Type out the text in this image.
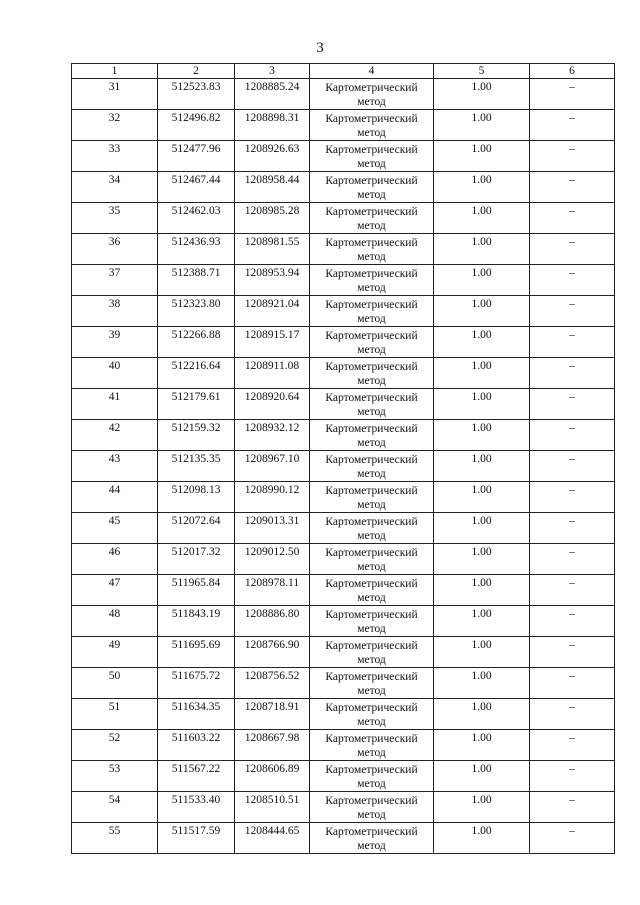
3
1	2	3	4	5	6

31	512523.83	1208885.24	Картометрический метод	1.00	–

32	512496.82	1208898.31	Картометрический метод	1.00	–

33	512477.96	1208926.63	Картометрический метод	1.00	–

34	512467.44	1208958.44	Картометрический метод	1.00	–

35	512462.03	1208985.28	Картометрический метод	1.00	–

36	512436.93	1208981.55	Картометрический метод	1.00	–

37	512388.71	1208953.94	Картометрический метод	1.00	–

38	512323.80	1208921.04	Картометрический метод	1.00	–

39	512266.88	1208915.17	Картометрический метод	1.00	–

40	512216.64	1208911.08	Картометрический метод	1.00	–

41	512179.61	1208920.64	Картометрический метод	1.00	–

42	512159.32	1208932.12	Картометрический метод	1.00	–

43	512135.35	1208967.10	Картометрический метод	1.00	–

44	512098.13	1208990.12	Картометрический метод	1.00	–

45	512072.64	1209013.31	Картометрический метод	1.00	–

46	512017.32	1209012.50	Картометрический метод	1.00	–

47	511965.84	1208978.11	Картометрический метод	1.00	–

48	511843.19	1208886.80	Картометрический метод	1.00	–

49	511695.69	1208766.90	Картометрический метод	1.00	–

50	511675.72	1208756.52	Картометрический метод	1.00	–

51	511634.35	1208718.91	Картометрический метод	1.00	–

52	511603.22	1208667.98	Картометрический метод	1.00	–

53	511567.22	1208606.89	Картометрический метод	1.00	–

54	511533.40	1208510.51	Картометрический метод	1.00	–

55	511517.59	1208444.65	Картометрический метод	1.00	–
